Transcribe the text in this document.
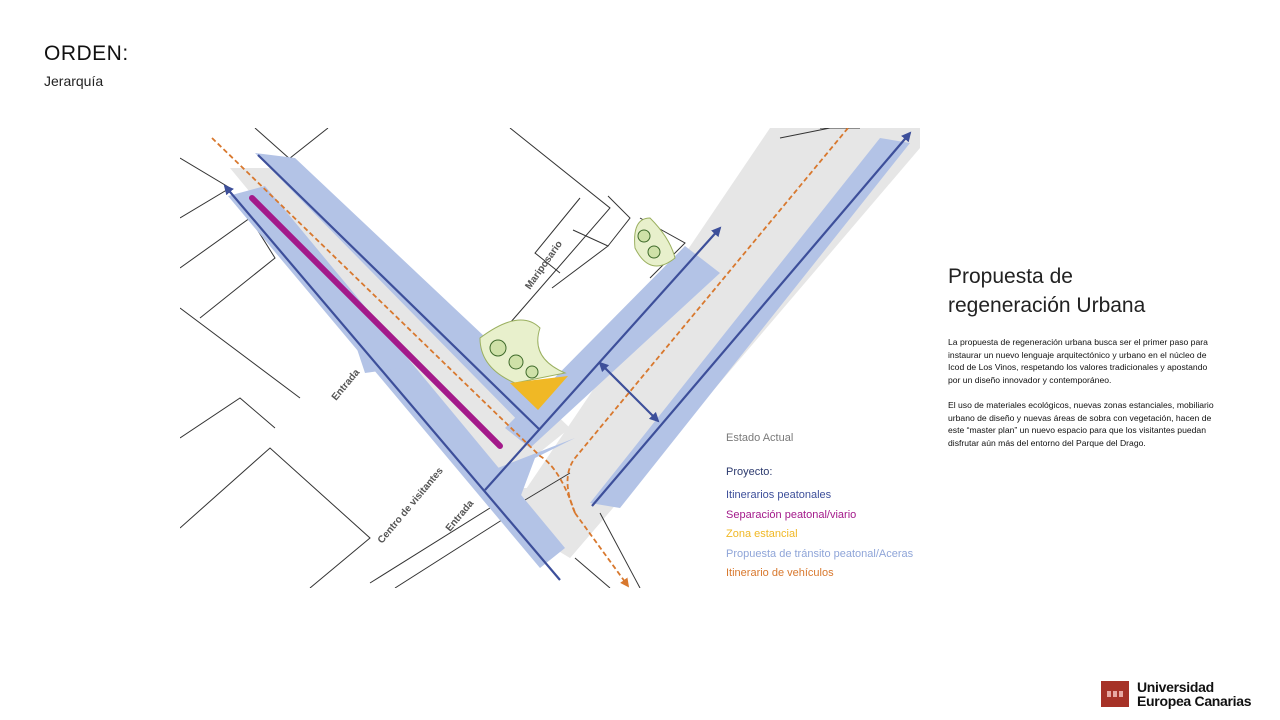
ORDEN:
Jerarquía
Mariposario
Entrada
Centro de visitantes
Entrada
Estado Actual
Proyecto:
Itinerarios peatonales
Separación peatonal/viario
Zona estancial
Propuesta de tránsito peatonal/Aceras
Itinerario de vehículos
Propuesta de
regeneración Urbana

La propuesta de regeneración urbana busca ser el primer paso para instaurar un nuevo lenguaje arquitectónico y urbano en el núcleo de Icod de Los Vinos, respetando los valores tradicionales y apostando por un diseño innovador y contemporáneo.

El uso de materiales ecológicos, nuevas zonas estanciales, mobiliario urbano de diseño y nuevas áreas de sobra con vegetación, hacen de este “master plan” un nuevo espacio para que los visitantes puedan disfrutar aún más del entorno del Parque del Drago.

Universidad
Europea Canarias
